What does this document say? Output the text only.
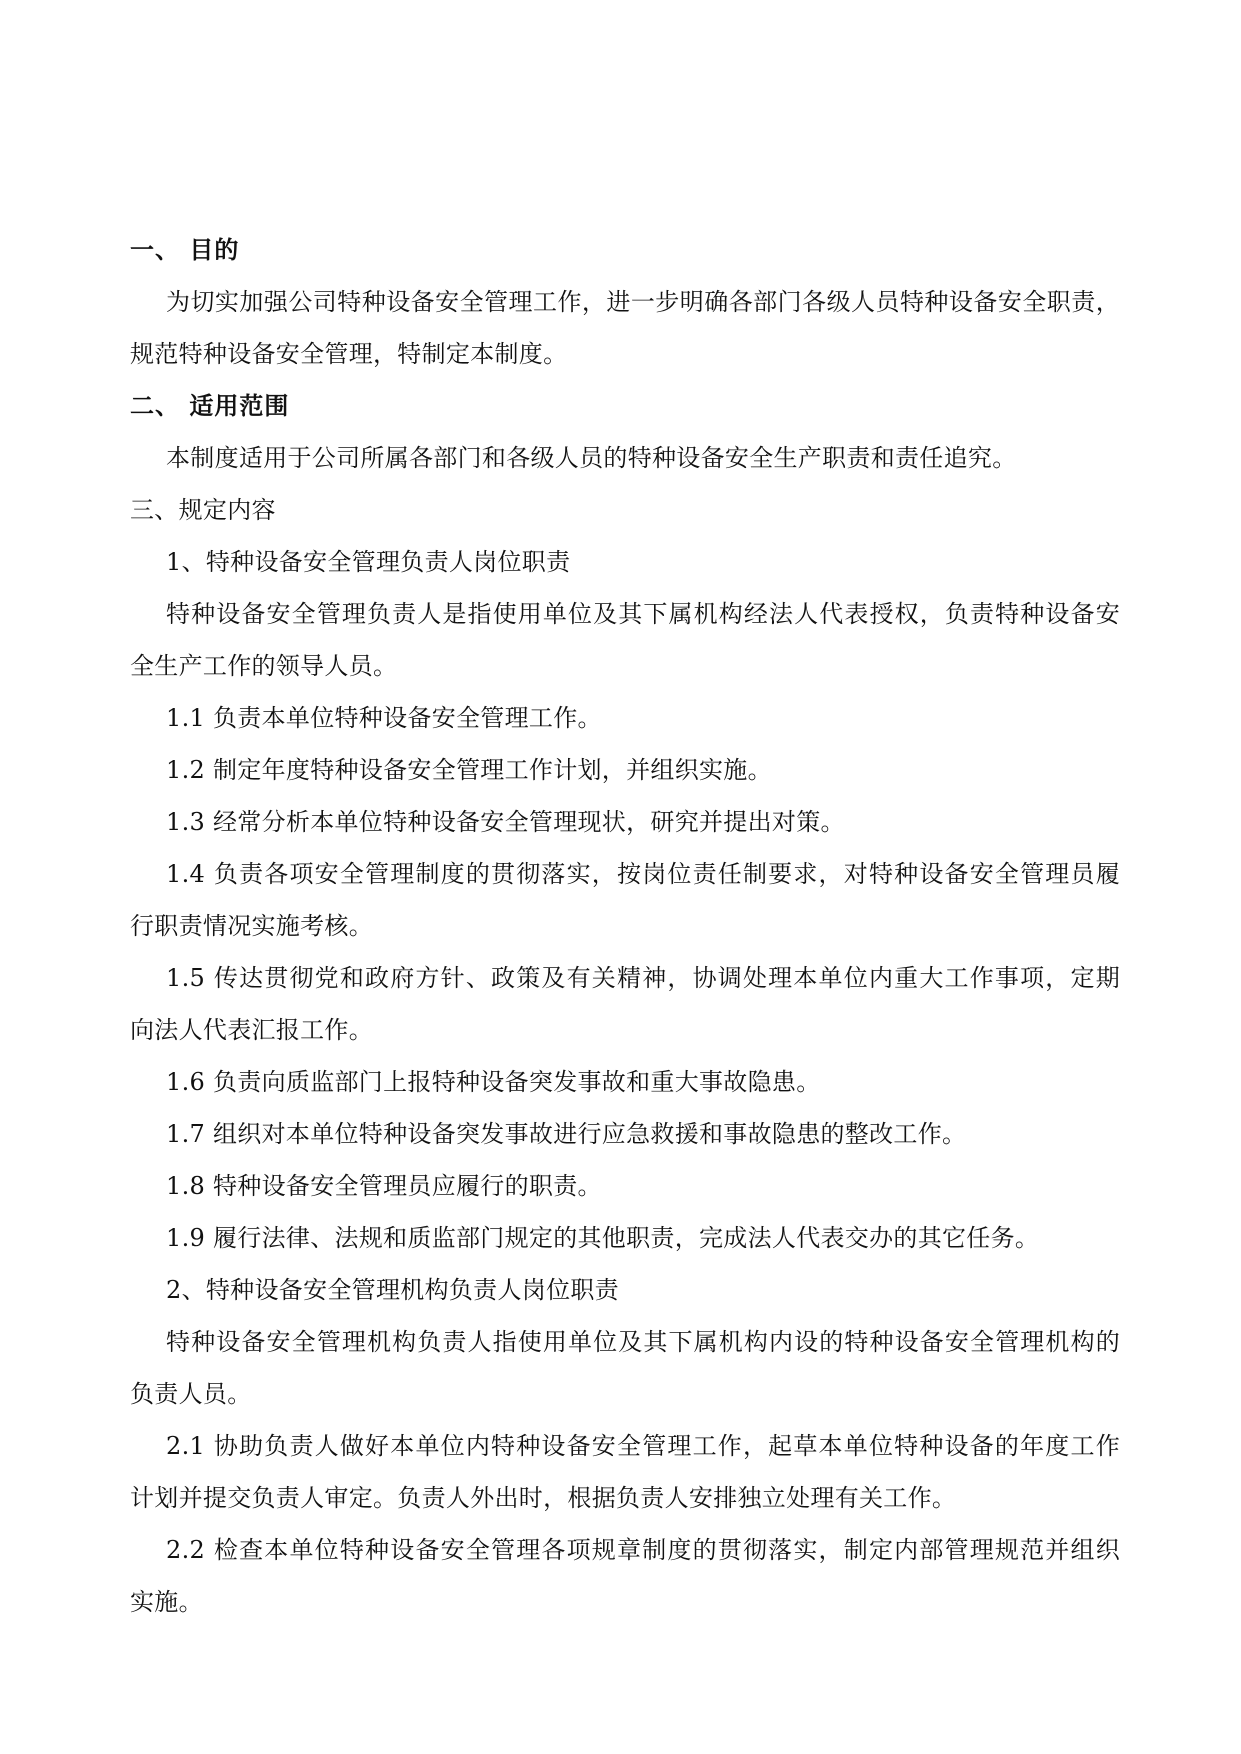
一、 目的
为切实加强公司特种设备安全管理工作，进一步明确各部门各级人员特种设备安全职责，
规范特种设备安全管理，特制定本制度。
二、 适用范围
本制度适用于公司所属各部门和各级人员的特种设备安全生产职责和责任追究。
三、规定内容
1、特种设备安全管理负责人岗位职责
特种设备安全管理负责人是指使用单位及其下属机构经法人代表授权，负责特种设备安
全生产工作的领导人员。
1.1 负责本单位特种设备安全管理工作。
1.2 制定年度特种设备安全管理工作计划，并组织实施。
1.3 经常分析本单位特种设备安全管理现状，研究并提出对策。
1.4 负责各项安全管理制度的贯彻落实，按岗位责任制要求，对特种设备安全管理员履
行职责情况实施考核。
1.5 传达贯彻党和政府方针、政策及有关精神，协调处理本单位内重大工作事项，定期
向法人代表汇报工作。
1.6 负责向质监部门上报特种设备突发事故和重大事故隐患。
1.7 组织对本单位特种设备突发事故进行应急救援和事故隐患的整改工作。
1.8 特种设备安全管理员应履行的职责。
1.9 履行法律、法规和质监部门规定的其他职责，完成法人代表交办的其它任务。
2、特种设备安全管理机构负责人岗位职责
特种设备安全管理机构负责人指使用单位及其下属机构内设的特种设备安全管理机构的
负责人员。
2.1 协助负责人做好本单位内特种设备安全管理工作，起草本单位特种设备的年度工作
计划并提交负责人审定。负责人外出时，根据负责人安排独立处理有关工作。
2.2 检查本单位特种设备安全管理各项规章制度的贯彻落实，制定内部管理规范并组织
实施。
